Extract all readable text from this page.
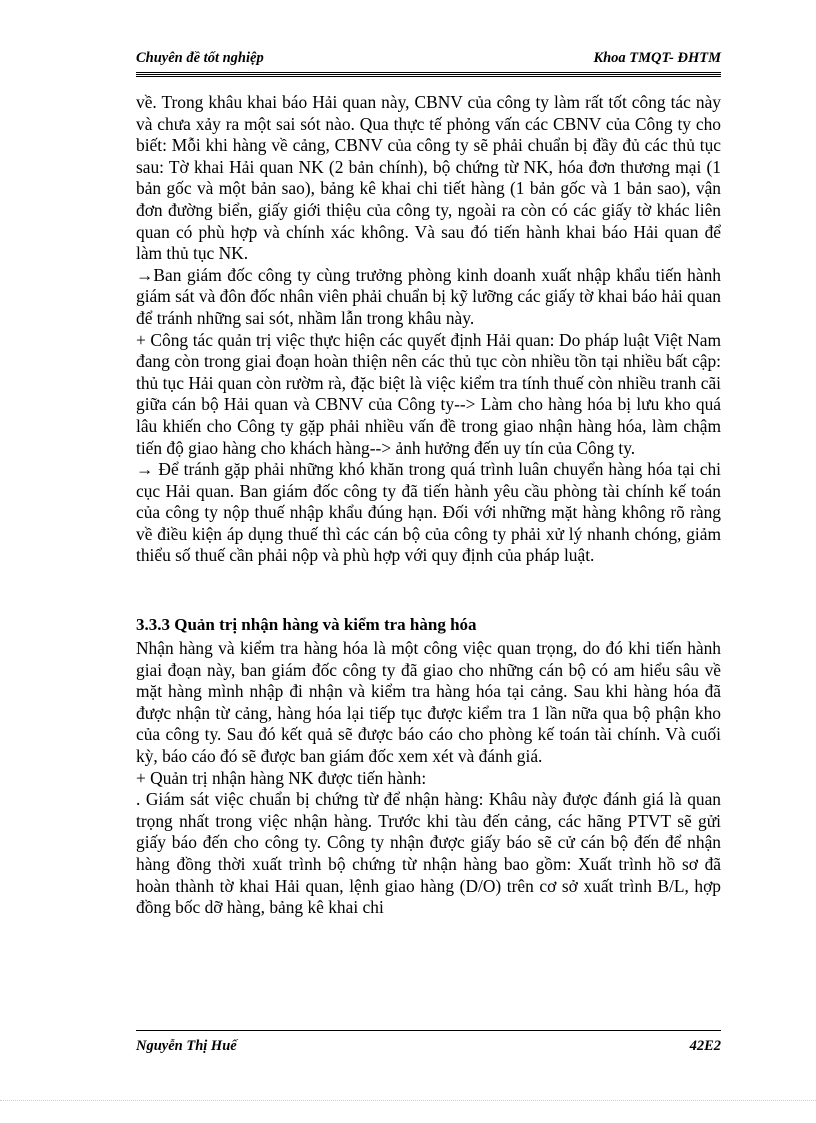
Chuyên đề tốt nghiệp	Khoa TMQT- ĐHTM

về. Trong khâu khai báo Hải quan này, CBNV của công ty làm rất tốt công tác này và chưa xảy ra một sai sót nào. Qua thực tế phỏng vấn các CBNV của Công ty cho biết: Mỗi khi hàng về cảng, CBNV của công ty sẽ phải chuẩn bị đầy đủ các thủ tục sau: Tờ khai Hải quan NK (2 bản chính), bộ chứng từ NK, hóa đơn thương mại (1 bản gốc và một bản sao), bảng kê khai chi tiết hàng (1 bản gốc và 1 bản sao), vận đơn đường biển, giấy giới thiệu của công ty, ngoài ra còn có các giấy tờ khác liên quan có phù hợp và chính xác không. Và sau đó tiến hành khai báo Hải quan để làm thủ tục NK.

→Ban giám đốc công ty cùng trưởng phòng kinh doanh xuất nhập khẩu tiến hành giám sát và đôn đốc nhân viên phải chuẩn bị kỹ lưỡng các giấy tờ khai báo hải quan để tránh những sai sót, nhầm lẫn trong khâu này.

+ Công tác quản trị việc thực hiện các quyết định Hải quan: Do pháp luật Việt Nam đang còn trong giai đoạn hoàn thiện nên các thủ tục còn nhiều tồn tại nhiều bất cập: thủ tục Hải quan còn rườm rà, đặc biệt là việc kiểm tra tính thuế còn nhiều tranh cãi giữa cán bộ Hải quan và CBNV của Công ty--> Làm cho hàng hóa bị lưu kho quá lâu khiến cho Công ty gặp phải nhiều vấn đề trong giao nhận hàng hóa, làm chậm tiến độ giao hàng cho khách hàng--> ảnh hưởng đến uy tín của Công ty.

→ Để tránh gặp phải những khó khăn trong quá trình luân chuyển hàng hóa tại chi cục Hải quan. Ban giám đốc công ty đã tiến hành yêu cầu phòng tài chính kế toán của công ty nộp thuế nhập khẩu đúng hạn. Đối với những mặt hàng không rõ ràng về điều kiện áp dụng thuế thì các cán bộ của công ty phải xử lý nhanh chóng, giảm thiểu số thuế cần phải nộp và phù hợp với quy định của pháp luật.

3.3.3 Quản trị nhận hàng và kiểm tra hàng hóa

Nhận hàng và kiểm tra hàng hóa là một công việc quan trọng, do đó khi tiến hành giai đoạn này, ban giám đốc công ty đã giao cho những cán bộ có am hiểu sâu về mặt hàng mình nhập đi nhận và kiểm tra hàng hóa tại cảng. Sau khi hàng hóa đã được nhận từ cảng, hàng hóa lại tiếp tục được kiểm tra 1 lần nữa qua bộ phận kho của công ty. Sau đó kết quả sẽ được báo cáo cho phòng kế toán tài chính. Và cuối kỳ, báo cáo đó sẽ được ban giám đốc xem xét và đánh giá.

+ Quản trị nhận hàng NK được tiến hành:

. Giám sát việc chuẩn bị chứng từ để nhận hàng: Khâu này được đánh giá là quan trọng nhất trong việc nhận hàng. Trước khi tàu đến cảng, các hãng PTVT sẽ gửi giấy báo đến cho công ty. Công ty nhận được giấy báo sẽ cử cán bộ đến để nhận hàng đồng thời xuất trình bộ chứng từ nhận hàng bao gồm: Xuất trình hồ sơ đã hoàn thành tờ khai Hải quan, lệnh giao hàng (D/O) trên cơ sở xuất trình B/L, hợp đồng bốc dỡ hàng, bảng kê khai chi

Nguyễn Thị Huế	42E2
